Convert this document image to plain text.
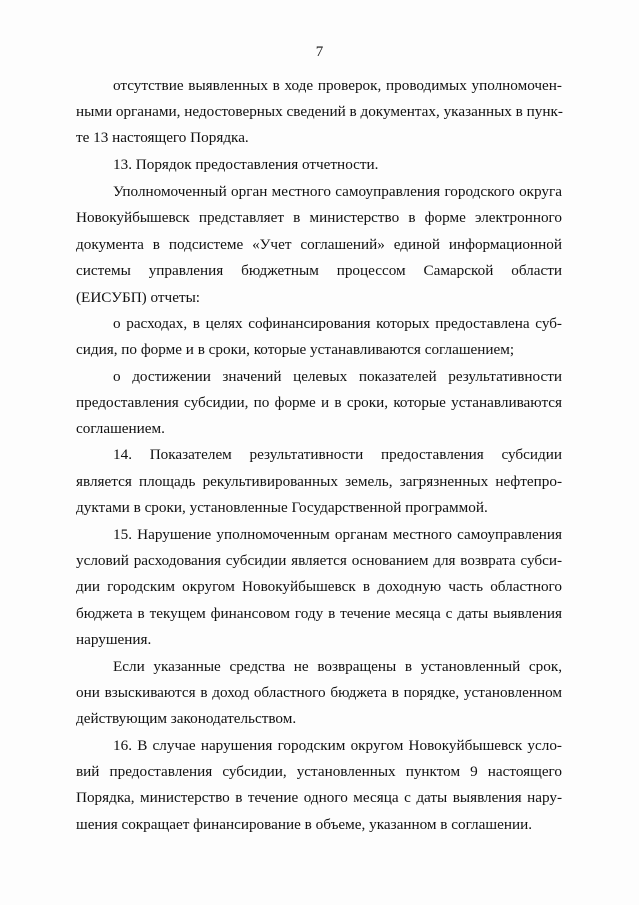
7
отсутствие выявленных в ходе проверок, проводимых уполномочен-
ными органами, недостоверных сведений в документах, указанных в пунк-
те 13 настоящего Порядка.
13. Порядок предоставления отчетности.
Уполномоченный орган местного самоуправления городского округа
Новокуйбышевск представляет в министерство в форме электронного
документа в подсистеме «Учет соглашений» единой информационной
системы управления бюджетным процессом Самарской области
(ЕИСУБП) отчеты:
о расходах, в целях софинансирования которых предоставлена суб-
сидия, по форме и в сроки, которые устанавливаются соглашением;
о достижении значений целевых показателей результативности
предоставления субсидии, по форме и в сроки, которые устанавливаются
соглашением.
14. Показателем результативности предоставления субсидии
является площадь рекультивированных земель, загрязненных нефтепро-
дуктами в сроки, установленные Государственной программой.
15. Нарушение уполномоченным органам местного самоуправления
условий расходования субсидии является основанием для возврата субси-
дии городским округом Новокуйбышевск в доходную часть областного
бюджета в текущем финансовом году в течение месяца с даты выявления
нарушения.
Если указанные средства не возвращены в установленный срок,
они взыскиваются в доход областного бюджета в порядке, установленном
действующим законодательством.
16. В случае нарушения городским округом Новокуйбышевск усло-
вий предоставления субсидии, установленных пунктом 9 настоящего
Порядка, министерство в течение одного месяца с даты выявления нару-
шения сокращает финансирование в объеме, указанном в соглашении.
